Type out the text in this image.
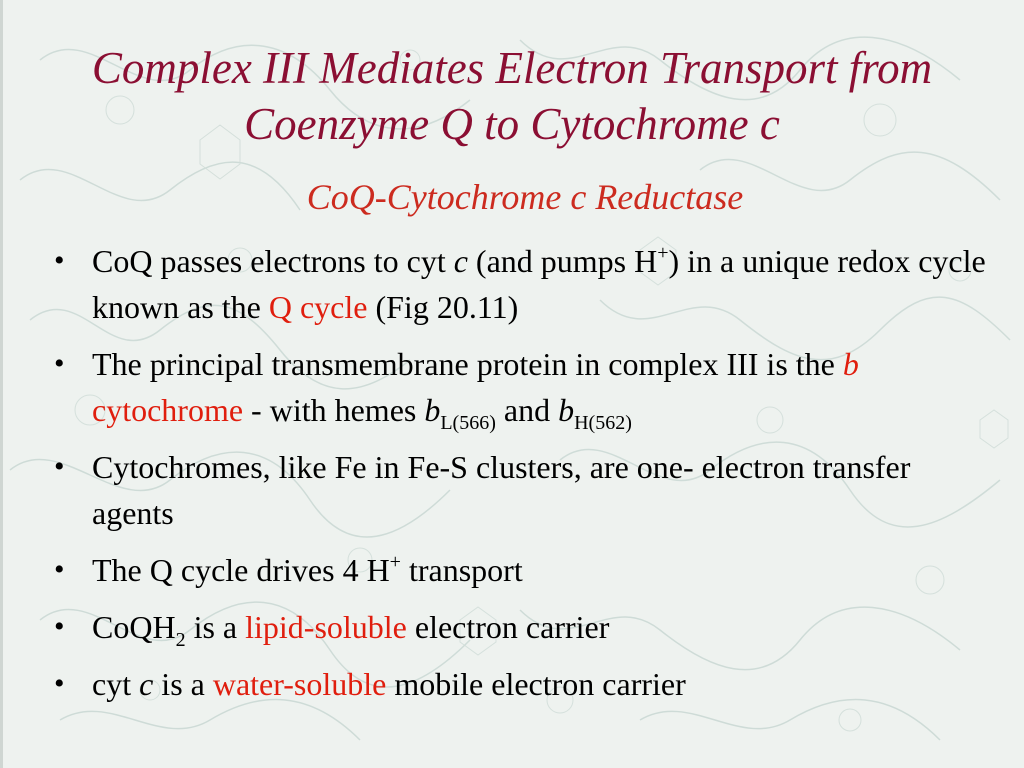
Complex III Mediates Electron Transport from
Coenzyme Q to Cytochrome c
CoQ-Cytochrome c Reductase
• CoQ passes electrons to cyt c (and pumps H+) in a unique redox cycle known as the Q cycle (Fig 20.11)
• The principal transmembrane protein in complex III is the b cytochrome - with hemes $b_{L(566)}$ and $b_{H(562)}$
• Cytochromes, like Fe in Fe-S clusters, are one- electron transfer agents
• The Q cycle drives 4 H+ transport
• CoQH$_2$ is a lipid-soluble electron carrier
• cyt c is a water-soluble mobile electron carrier
